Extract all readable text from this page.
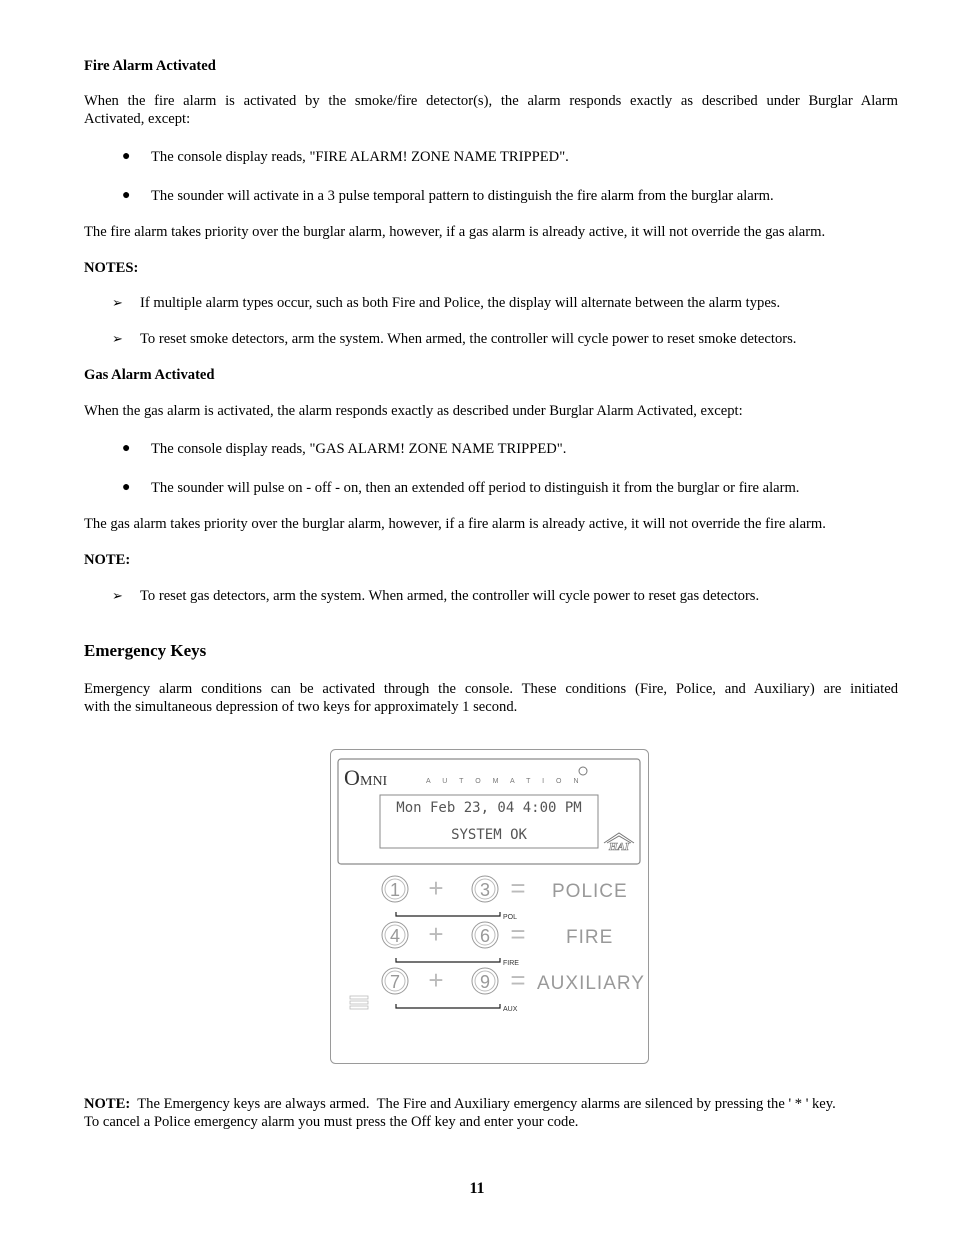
Fire Alarm Activated

When the fire alarm is activated by the smoke/fire detector(s), the alarm responds exactly as described under Burglar Alarm

Activated, except:

● The console display reads, "FIRE ALARM! ZONE NAME TRIPPED".

● The sounder will activate in a 3 pulse temporal pattern to distinguish the fire alarm from the burglar alarm.

The fire alarm takes priority over the burglar alarm, however, if a gas alarm is already active, it will not override the gas alarm.

NOTES:

➢ If multiple alarm types occur, such as both Fire and Police, the display will alternate between the alarm types.

➢ To reset smoke detectors, arm the system. When armed, the controller will cycle power to reset smoke detectors.

Gas Alarm Activated

When the gas alarm is activated, the alarm responds exactly as described under Burglar Alarm Activated, except:

● The console display reads, "GAS ALARM! ZONE NAME TRIPPED".

● The sounder will pulse on - off - on, then an extended off period to distinguish it from the burglar or fire alarm.

The gas alarm takes priority over the burglar alarm, however, if a fire alarm is already active, it will not override the fire alarm.

NOTE:

➢ To reset gas detectors, arm the system. When armed, the controller will cycle power to reset gas detectors.

Emergency Keys

Emergency alarm conditions can be activated through the console. These conditions (Fire, Police, and Auxiliary) are initiated

with the simultaneous depression of two keys for approximately 1 second.

O MNI	A U T O M A T I O N
Mon Feb 23, 04 4:00 PM
SYSTEM OK
HAI
1 + 3 = POLICE
POL
4 + 6 = FIRE
FIRE
7 + 9 = AUXILIARY
AUX

NOTE:  The Emergency keys are always armed.  The Fire and Auxiliary emergency alarms are silenced by pressing the ' * ' key.

To cancel a Police emergency alarm you must press the Off key and enter your code.

11
